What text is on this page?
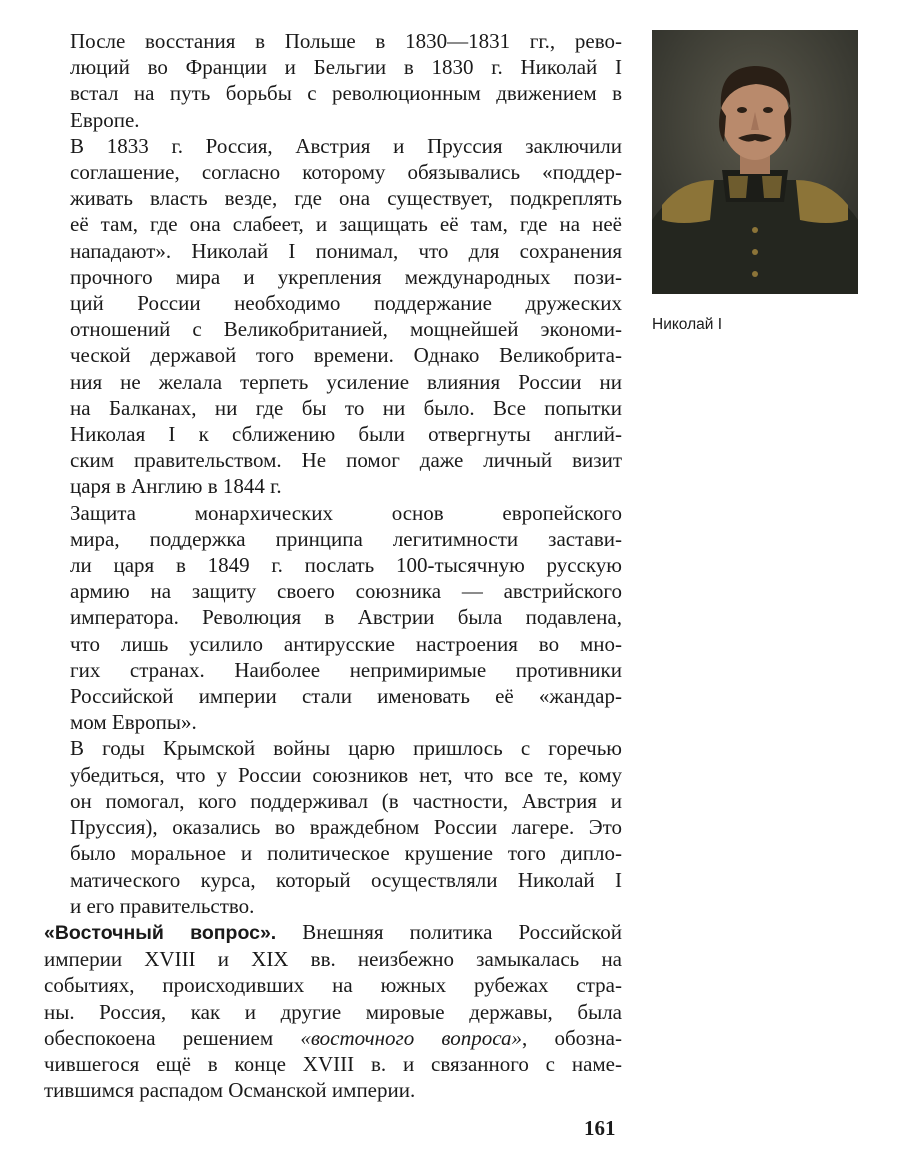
После восстания в Польше в 1830—1831 гг., рево-
люций во Франции и Бельгии в 1830 г. Николай I
встал на путь борьбы с революционным движением в
Европе.

В 1833 г. Россия, Австрия и Пруссия заключили
соглашение, согласно которому обязывались «поддер-
живать власть везде, где она существует, подкреплять
её там, где она слабеет, и защищать её там, где на неё
нападают». Николай I понимал, что для сохранения
прочного мира и укрепления международных пози-
ций России необходимо поддержание дружеских
отношений с Великобританией, мощнейшей экономи-
ческой державой того времени. Однако Великобрита-
ния не желала терпеть усиление влияния России ни
на Балканах, ни где бы то ни было. Все попытки
Николая I к сближению были отвергнуты англий-
ским правительством. Не помог даже личный визит
царя в Англию в 1844 г.

Защита монархических основ европейского
мира, поддержка принципа легитимности застави-
ли царя в 1849 г. послать 100-тысячную русскую
армию на защиту своего союзника — австрийского
императора. Революция в Австрии была подавлена,
что лишь усилило антирусские настроения во мно-
гих странах. Наиболее непримиримые противники
Российской империи стали именовать её «жандар-
мом Европы».

В годы Крымской войны царю пришлось с горечью
убедиться, что у России союзников нет, что все те, кому
он помогал, кого поддерживал (в частности, Австрия и
Пруссия), оказались во враждебном России лагере. Это
было моральное и политическое крушение того дипло-
матического курса, который осуществляли Николай I
и его правительство.

«Восточный вопрос». Внешняя политика Российской
империи XVIII и XIX вв. неизбежно замыкалась на
событиях, происходивших на южных рубежах стра-
ны. Россия, как и другие мировые державы, была
обеспокоена решением «восточного вопроса», обозна-
чившегося ещё в конце XVIII в. и связанного с наме-
тившимся распадом Османской империи.

Николай I
161
